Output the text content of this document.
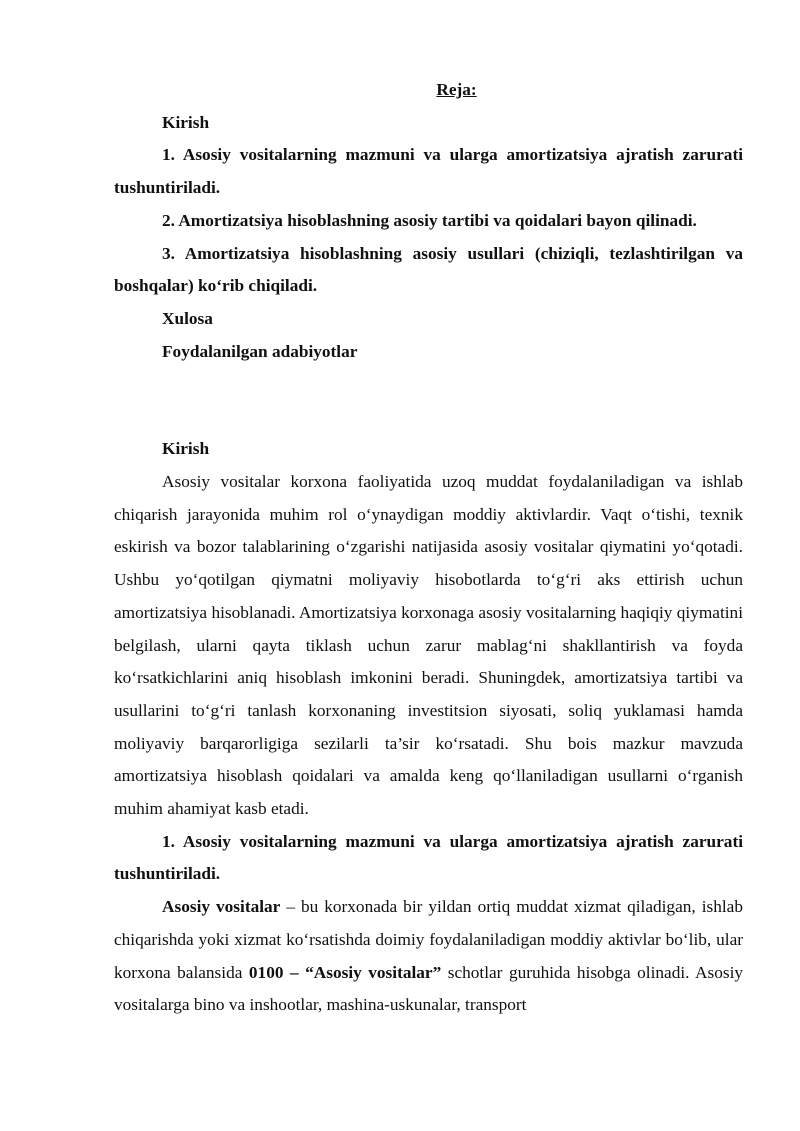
Reja:

Kirish

1. Asosiy vositalarning mazmuni va ularga amortizatsiya ajratish zarurati tushuntiriladi.

2. Amortizatsiya hisoblashning asosiy tartibi va qoidalari bayon qilinadi.

3. Amortizatsiya hisoblashning asosiy usullari (chiziqli, tezlashtirilgan va boshqalar) ko‘rib chiqiladi.

Xulosa

Foydalanilgan adabiyotlar

Kirish

Asosiy vositalar korxona faoliyatida uzoq muddat foydalaniladigan va ishlab chiqarish jarayonida muhim rol o‘ynaydigan moddiy aktivlardir. Vaqt o‘tishi, texnik eskirish va bozor talablarining o‘zgarishi natijasida asosiy vositalar qiymatini yo‘qotadi. Ushbu yo‘qotilgan qiymatni moliyaviy hisobotlarda to‘g‘ri aks ettirish uchun amortizatsiya hisoblanadi. Amortizatsiya korxonaga asosiy vositalarning haqiqiy qiymatini belgilash, ularni qayta tiklash uchun zarur mablag‘ni shakllantirish va foyda ko‘rsatkichlarini aniq hisoblash imkonini beradi. Shuningdek, amortizatsiya tartibi va usullarini to‘g‘ri tanlash korxonaning investitsion siyosati, soliq yuklamasi hamda moliyaviy barqarorligiga sezilarli ta’sir ko‘rsatadi. Shu bois mazkur mavzuda amortizatsiya hisoblash qoidalari va amalda keng qo‘llaniladigan usullarni o‘rganish muhim ahamiyat kasb etadi.

1. Asosiy vositalarning mazmuni va ularga amortizatsiya ajratish zarurati tushuntiriladi.

Asosiy vositalar – bu korxonada bir yildan ortiq muddat xizmat qiladigan, ishlab chiqarishda yoki xizmat ko‘rsatishda doimiy foydalaniladigan moddiy aktivlar bo‘lib, ular korxona balansida 0100 – “Asosiy vositalar” schotlar guruhida hisobga olinadi. Asosiy vositalarga bino va inshootlar, mashina-uskunalar, transport
